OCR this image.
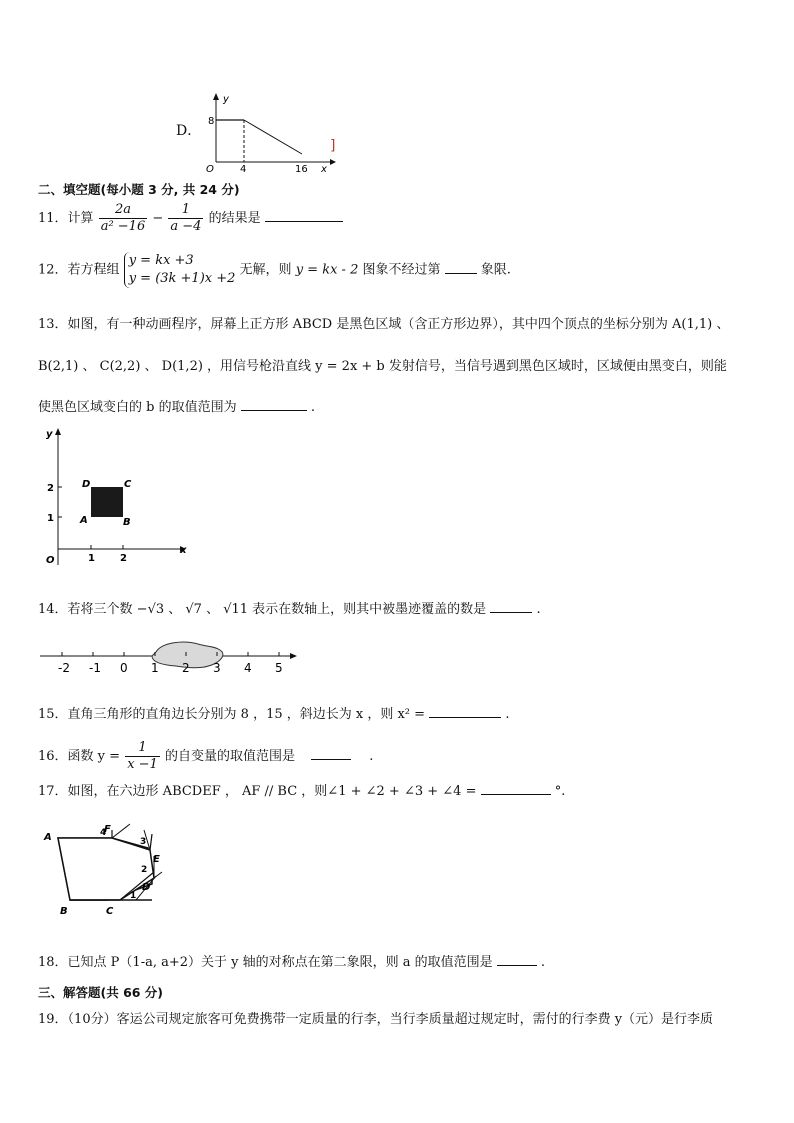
D．
y
8
O	4	16 x
]
二、填空题(每小题 3 分, 共 24 分)
11．计算 $\frac{2a}{\text{a² −16}} - \frac{1}{a -4}$ 的结果是
12．若方程组
y = kx +3
y = (3k +1)x +2
无解，则 y = kx - 2 图象不经过第	象限.
13．如图，有一种动画程序，屏幕上正方形 ABCD 是黑色区域（含正方形边界），其中四个顶点的坐标分别为 A(1,1) 、
B(2,1) 、 C(2,2) 、 D(1,2) ，用信号枪沿直线 y = 2x + b 发射信号，当信号遇到黑色区域时，区域便由黑变白，则能
使黑色区域变白的 b 的取值范围为	.
y
x
O	1	2
1
2
A	B
C
D
14．若将三个数 −√3 、 √7 、 √11 表示在数轴上，则其中被墨迹覆盖的数是	.
-2 -1 0 1 2 3 4 5
15．直角三角形的直角边长分别为 8 ，15 ，斜边长为 x ，则 x² =	.
16．函数 $y = \frac{1}{x -1}$ 的自变量的取值范围是	.
17．如图，在六边形 ABCDEF ， AF // BC ，则∠1 + ∠2 + ∠3 + ∠4 =	°.
A
B	C
D
E
F
1
2
3
4
18．已知点 P（1-a, a+2）关于 y 轴的对称点在第二象限，则 a 的取值范围是	.
三、解答题(共 66 分)
19．（10分）客运公司规定旅客可免费携带一定质量的行李，当行李质量超过规定时，需付的行李费 y（元）是行李质
